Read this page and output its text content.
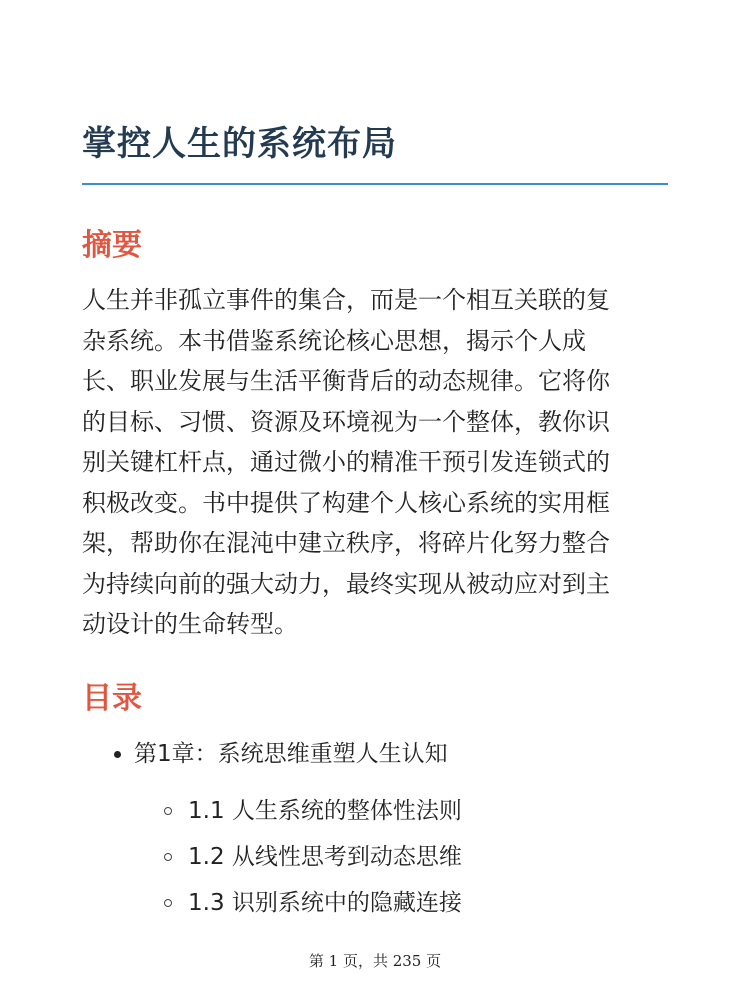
掌控人生的系统布局
摘要

人生并非孤立事件的集合，而是一个相互关联的复
杂系统。本书借鉴系统论核心思想，揭示个人成
长、职业发展与生活平衡背后的动态规律。它将你
的目标、习惯、资源及环境视为一个整体，教你识
别关键杠杆点，通过微小的精准干预引发连锁式的
积极改变。书中提供了构建个人核心系统的实用框
架，帮助你在混沌中建立秩序，将碎片化努力整合
为持续向前的强大动力，最终实现从被动应对到主
动设计的生命转型。

目录
第1章：系统思维重塑人生认知
1.1 人生系统的整体性法则
1.2 从线性思考到动态思维
1.3 识别系统中的隐藏连接
第 1 页，共 235 页
